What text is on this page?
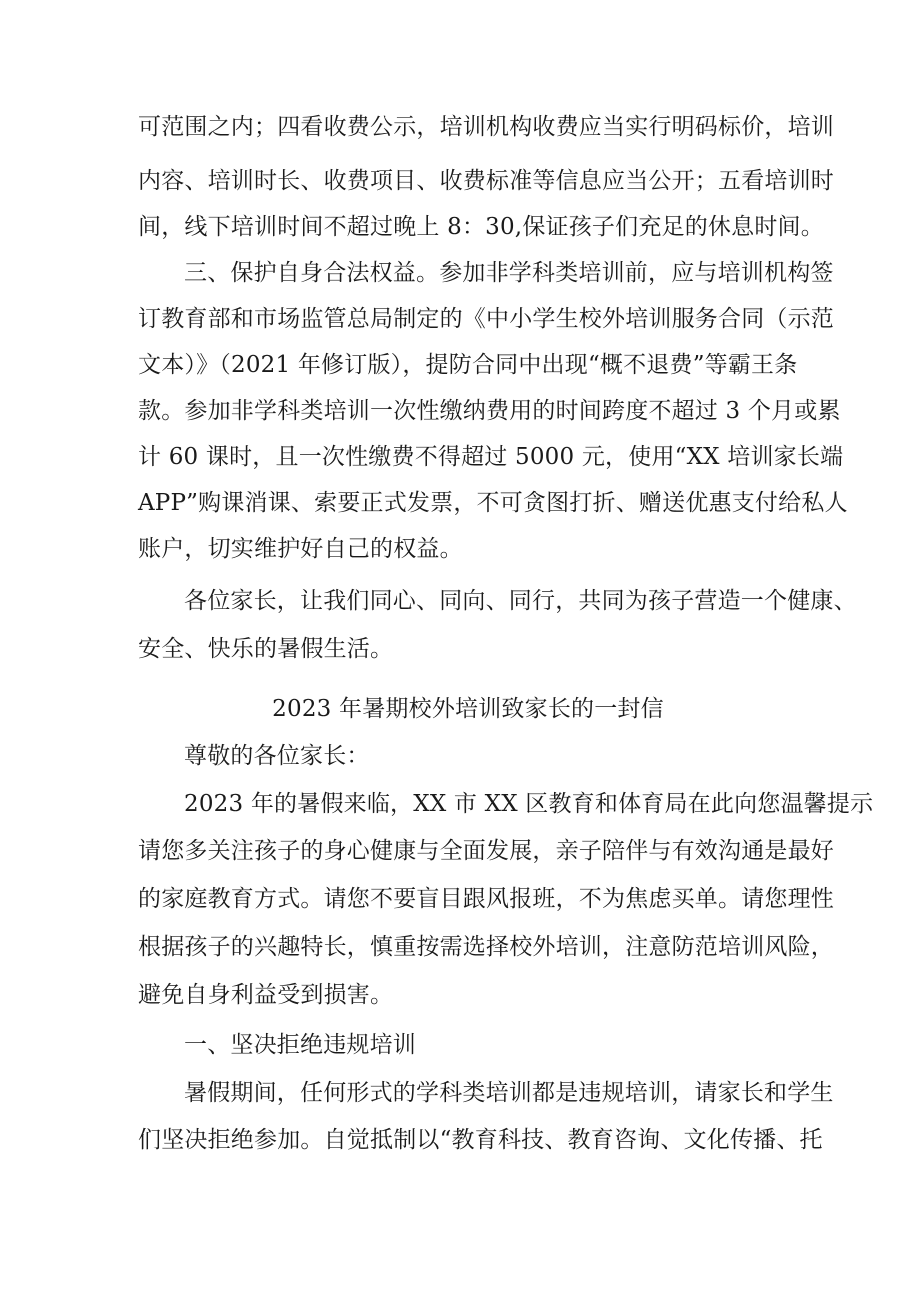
可范围之内；四看收费公示，培训机构收费应当实行明码标价，培训
内容、培训时长、收费项目、收费标准等信息应当公开；五看培训时
间，线下培训时间不超过晚上 8：30,保证孩子们充足的休息时间。
三、保护自身合法权益。参加非学科类培训前，应与培训机构签
订教育部和市场监管总局制定的《中小学生校外培训服务合同（示范
文本）》（2021 年修订版），提防合同中出现“概不退费”等霸王条
款。参加非学科类培训一次性缴纳费用的时间跨度不超过 3 个月或累
计 60 课时，且一次性缴费不得超过 5000 元，使用“XX 培训家长端
APP”购课消课、索要正式发票，不可贪图打折、赠送优惠支付给私人
账户，切实维护好自己的权益。
各位家长，让我们同心、同向、同行，共同为孩子营造一个健康、
安全、快乐的暑假生活。
2023 年暑期校外培训致家长的一封信
尊敬的各位家长：
2023 年的暑假来临，XX 市 XX 区教育和体育局在此向您温馨提示
请您多关注孩子的身心健康与全面发展，亲子陪伴与有效沟通是最好
的家庭教育方式。请您不要盲目跟风报班，不为焦虑买单。请您理性
根据孩子的兴趣特长，慎重按需选择校外培训，注意防范培训风险，
避免自身利益受到损害。
一、坚决拒绝违规培训
暑假期间，任何形式的学科类培训都是违规培训，请家长和学生
们坚决拒绝参加。自觉抵制以“教育科技、教育咨询、文化传播、托
